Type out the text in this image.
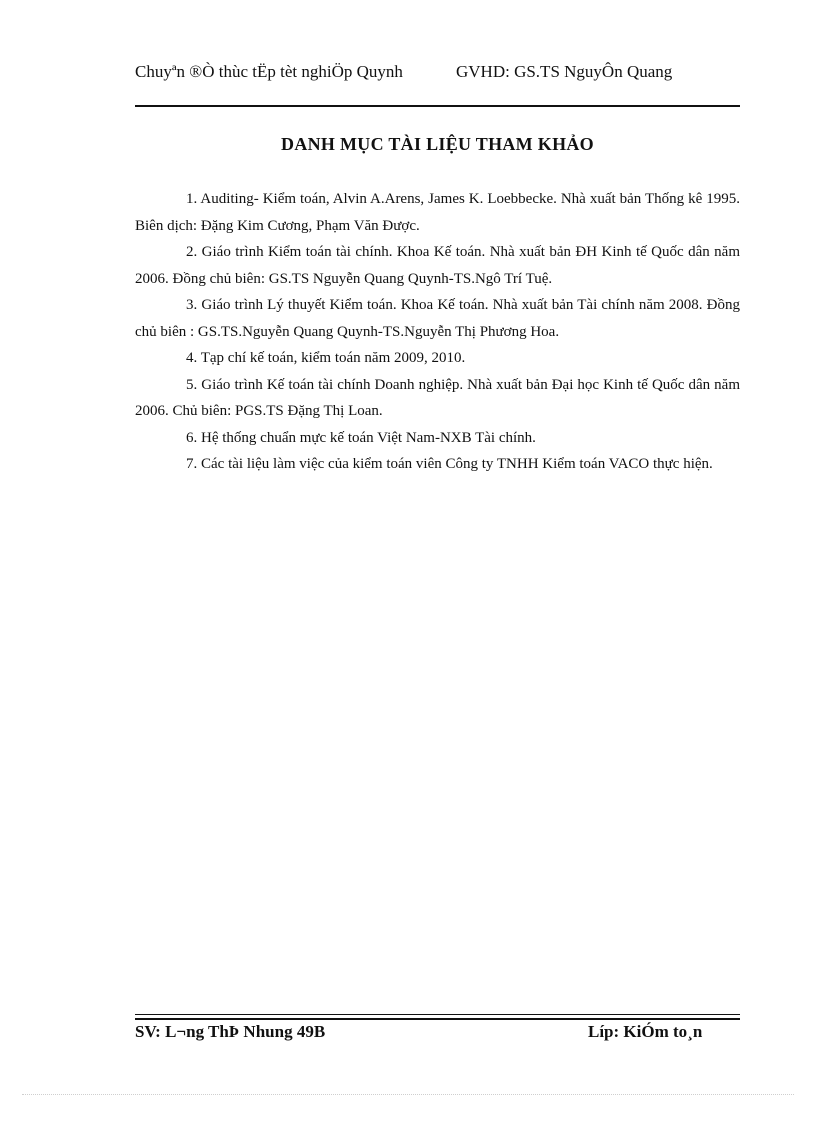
Chuyªn ®Ò thùc tËp tèt nghiÖp Quynh	GVHD: GS.TS NguyÔn Quang
DANH MỤC TÀI LIỆU THAM KHẢO

1. Auditing- Kiểm toán, Alvin A.Arens, James K. Loebbecke. Nhà xuất bản Thống kê 1995. Biên dịch: Đặng Kim Cương, Phạm Văn Được.

2. Giáo trình Kiểm toán tài chính. Khoa Kế toán. Nhà xuất bản ĐH Kinh tế Quốc dân năm 2006. Đồng chủ biên: GS.TS Nguyễn Quang Quynh-TS.Ngô Trí Tuệ.

3. Giáo trình Lý thuyết Kiểm toán. Khoa Kế toán. Nhà xuất bản Tài chính năm 2008. Đồng chủ biên : GS.TS.Nguyễn Quang Quynh-TS.Nguyễn Thị Phương Hoa.

4. Tạp chí kế toán, kiểm toán năm 2009, 2010.

5. Giáo trình Kế toán tài chính Doanh nghiệp. Nhà xuất bản Đại học Kinh tế Quốc dân năm 2006. Chủ biên: PGS.TS Đặng Thị Loan.

6. Hệ thống chuẩn mực kế toán Việt Nam-NXB Tài chính.

7. Các tài liệu làm việc của kiểm toán viên Công ty TNHH Kiểm toán VACO thực hiện.

SV: L¬ng ThÞ Nhung 49B	Líp: KiÓm to¸n
